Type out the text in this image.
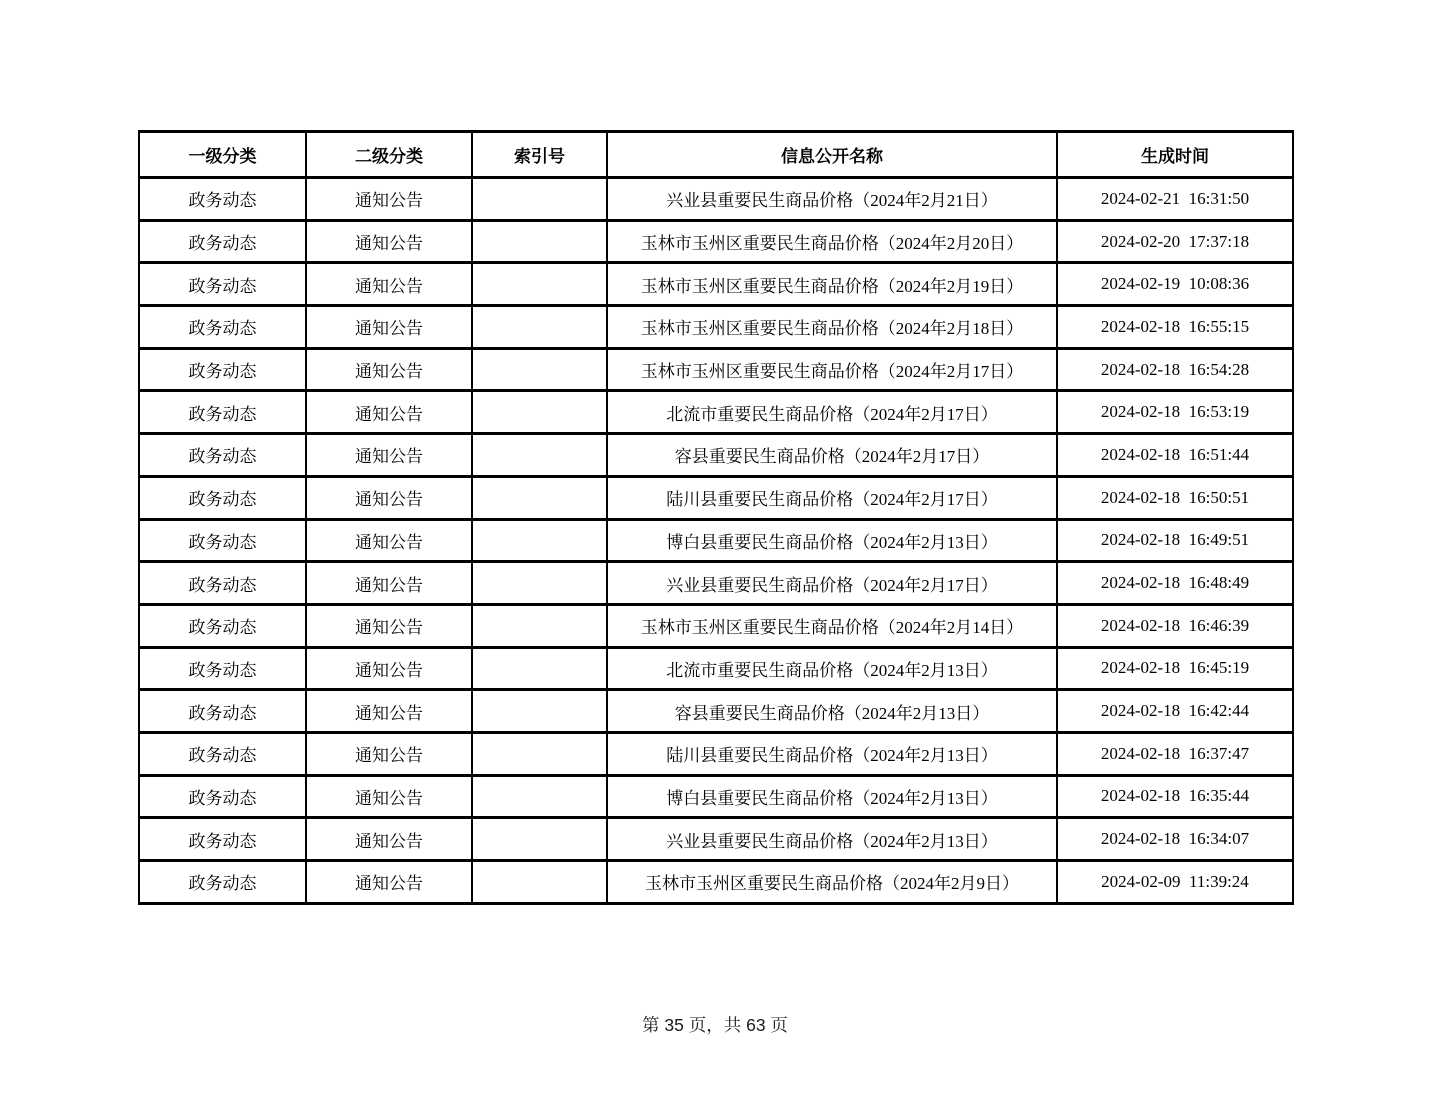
一级分类	二级分类	索引号	信息公开名称	生成时间
政务动态	通知公告		兴业县重要民生商品价格（2024年2月21日）	2024-02-21  16:31:50
政务动态	通知公告		玉林市玉州区重要民生商品价格（2024年2月20日）	2024-02-20  17:37:18
政务动态	通知公告		玉林市玉州区重要民生商品价格（2024年2月19日）	2024-02-19  10:08:36
政务动态	通知公告		玉林市玉州区重要民生商品价格（2024年2月18日）	2024-02-18  16:55:15
政务动态	通知公告		玉林市玉州区重要民生商品价格（2024年2月17日）	2024-02-18  16:54:28
政务动态	通知公告		北流市重要民生商品价格（2024年2月17日）	2024-02-18  16:53:19
政务动态	通知公告		容县重要民生商品价格（2024年2月17日）	2024-02-18  16:51:44
政务动态	通知公告		陆川县重要民生商品价格（2024年2月17日）	2024-02-18  16:50:51
政务动态	通知公告		博白县重要民生商品价格（2024年2月13日）	2024-02-18  16:49:51
政务动态	通知公告		兴业县重要民生商品价格（2024年2月17日）	2024-02-18  16:48:49
政务动态	通知公告		玉林市玉州区重要民生商品价格（2024年2月14日）	2024-02-18  16:46:39
政务动态	通知公告		北流市重要民生商品价格（2024年2月13日）	2024-02-18  16:45:19
政务动态	通知公告		容县重要民生商品价格（2024年2月13日）	2024-02-18  16:42:44
政务动态	通知公告		陆川县重要民生商品价格（2024年2月13日）	2024-02-18  16:37:47
政务动态	通知公告		博白县重要民生商品价格（2024年2月13日）	2024-02-18  16:35:44
政务动态	通知公告		兴业县重要民生商品价格（2024年2月13日）	2024-02-18  16:34:07
政务动态	通知公告		玉林市玉州区重要民生商品价格（2024年2月9日）	2024-02-09  11:39:24
第 35 页，共 63 页
